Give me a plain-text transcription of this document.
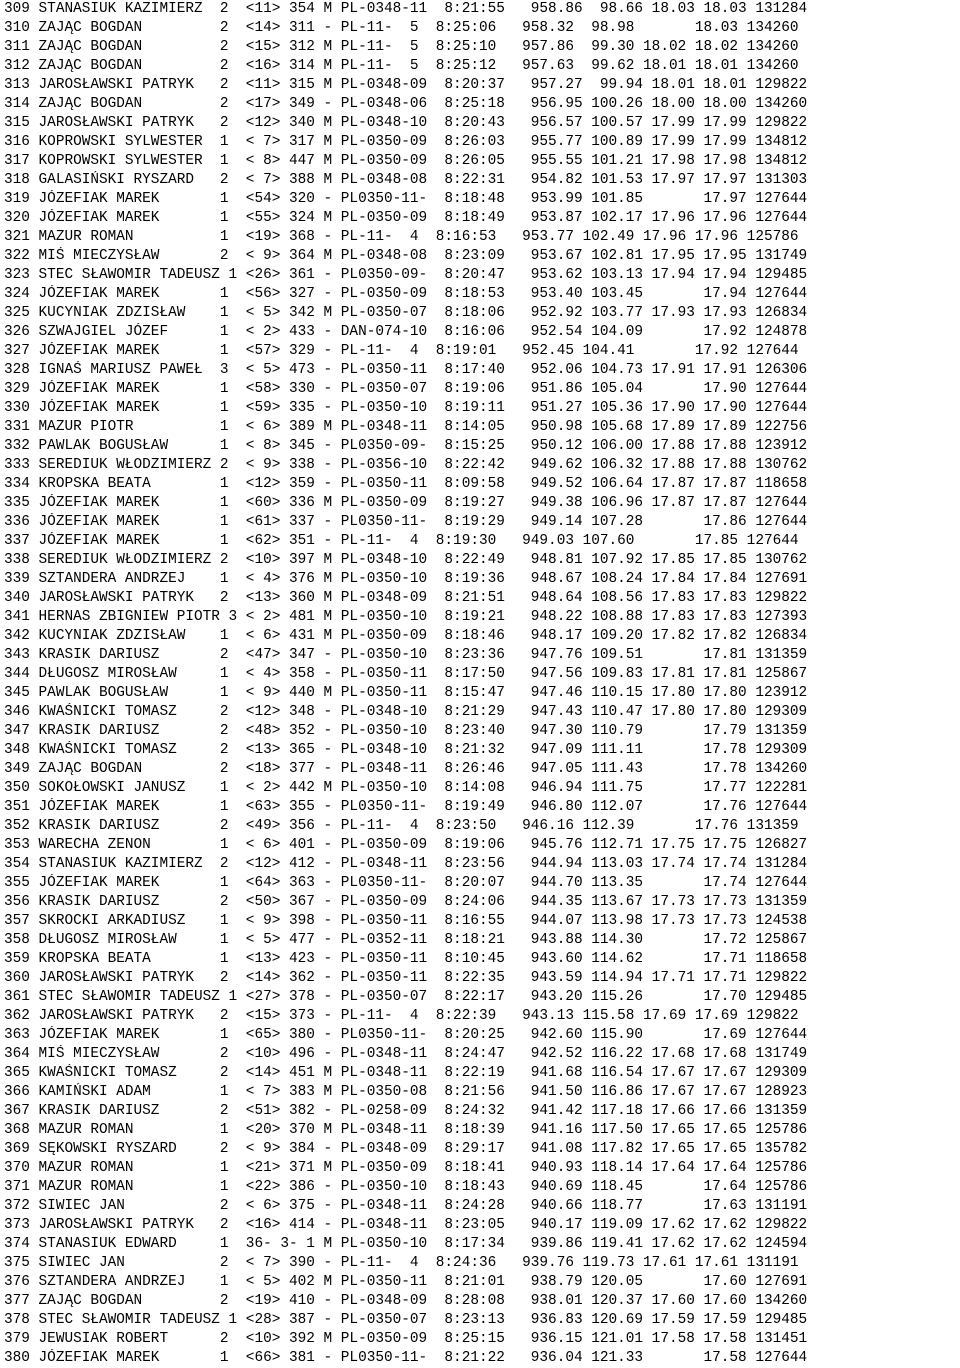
309 STANASIUK KAZIMIERZ  2  <11> 354 M PL-0348-11  8:21:55   958.86  98.66 18.03 18.03 131284
310 ZAJĄC BOGDAN         2  <14> 311 - PL-11-  5  8:25:06   958.32  98.98       18.03 134260
311 ZAJĄC BOGDAN         2  <15> 312 M PL-11-  5  8:25:10   957.86  99.30 18.02 18.02 134260
312 ZAJĄC BOGDAN         2  <16> 314 M PL-11-  5  8:25:12   957.63  99.62 18.01 18.01 134260
313 JAROSŁAWSKI PATRYK   2  <11> 315 M PL-0348-09  8:20:37   957.27  99.94 18.01 18.01 129822
314 ZAJĄC BOGDAN         2  <17> 349 - PL-0348-06  8:25:18   956.95 100.26 18.00 18.00 134260
315 JAROSŁAWSKI PATRYK   2  <12> 340 M PL-0348-10  8:20:43   956.57 100.57 17.99 17.99 129822
316 KOPROWSKI SYLWESTER  1  < 7> 317 M PL-0350-09  8:26:03   955.77 100.89 17.99 17.99 134812
317 KOPROWSKI SYLWESTER  1  < 8> 447 M PL-0350-09  8:26:05   955.55 101.21 17.98 17.98 134812
318 GALASIŃSKI RYSZARD   2  < 7> 388 M PL-0348-08  8:22:31   954.82 101.53 17.97 17.97 131303
319 JÓZEFIAK MAREK       1  <54> 320 - PL0350-11-  8:18:48   953.99 101.85       17.97 127644
320 JÓZEFIAK MAREK       1  <55> 324 M PL-0350-09  8:18:49   953.87 102.17 17.96 17.96 127644
321 MAZUR ROMAN          1  <19> 368 - PL-11-  4  8:16:53   953.77 102.49 17.96 17.96 125786
322 MIŚ MIECZYSŁAW       2  < 9> 364 M PL-0348-08  8:23:09   953.67 102.81 17.95 17.95 131749
323 STEC SŁAWOMIR TADEUSZ 1 <26> 361 - PL0350-09-  8:20:47   953.62 103.13 17.94 17.94 129485
324 JÓZEFIAK MAREK       1  <56> 327 - PL-0350-09  8:18:53   953.40 103.45       17.94 127644
325 KUCYNIAK ZDZISŁAW    1  < 5> 342 M PL-0350-07  8:18:06   952.92 103.77 17.93 17.93 126834
326 SZWAJGIEL JÓZEF      1  < 2> 433 - DAN-074-10  8:16:06   952.54 104.09       17.92 124878
327 JÓZEFIAK MAREK       1  <57> 329 - PL-11-  4  8:19:01   952.45 104.41       17.92 127644
328 IGNAŚ MARIUSZ PAWEŁ  3  < 5> 473 - PL-0350-11  8:17:40   952.06 104.73 17.91 17.91 126306
329 JÓZEFIAK MAREK       1  <58> 330 - PL-0350-07  8:19:06   951.86 105.04       17.90 127644
330 JÓZEFIAK MAREK       1  <59> 335 - PL-0350-10  8:19:11   951.27 105.36 17.90 17.90 127644
331 MAZUR PIOTR          1  < 6> 389 M PL-0348-11  8:14:05   950.98 105.68 17.89 17.89 122756
332 PAWLAK BOGUSŁAW      1  < 8> 345 - PL0350-09-  8:15:25   950.12 106.00 17.88 17.88 123912
333 SEREDIUK WŁODZIMIERZ 2  < 9> 338 - PL-0356-10  8:22:42   949.62 106.32 17.88 17.88 130762
334 KROPSKA BEATA        1  <12> 359 - PL-0350-11  8:09:58   949.52 106.64 17.87 17.87 118658
335 JÓZEFIAK MAREK       1  <60> 336 M PL-0350-09  8:19:27   949.38 106.96 17.87 17.87 127644
336 JÓZEFIAK MAREK       1  <61> 337 - PL0350-11-  8:19:29   949.14 107.28       17.86 127644
337 JÓZEFIAK MAREK       1  <62> 351 - PL-11-  4  8:19:30   949.03 107.60       17.85 127644
338 SEREDIUK WŁODZIMIERZ 2  <10> 397 M PL-0348-10  8:22:49   948.81 107.92 17.85 17.85 130762
339 SZTANDERA ANDRZEJ    1  < 4> 376 M PL-0350-10  8:19:36   948.67 108.24 17.84 17.84 127691
340 JAROSŁAWSKI PATRYK   2  <13> 360 M PL-0348-09  8:21:51   948.64 108.56 17.83 17.83 129822
341 HERNAS ZBIGNIEW PIOTR 3 < 2> 481 M PL-0350-10  8:19:21   948.22 108.88 17.83 17.83 127393
342 KUCYNIAK ZDZISŁAW    1  < 6> 431 M PL-0350-09  8:18:46   948.17 109.20 17.82 17.82 126834
343 KRASIK DARIUSZ       2  <47> 347 - PL-0350-10  8:23:36   947.76 109.51       17.81 131359
344 DŁUGOSZ MIROSŁAW     1  < 4> 358 - PL-0350-11  8:17:50   947.56 109.83 17.81 17.81 125867
345 PAWLAK BOGUSŁAW      1  < 9> 440 M PL-0350-11  8:15:47   947.46 110.15 17.80 17.80 123912
346 KWAŚNICKI TOMASZ     2  <12> 348 - PL-0348-10  8:21:29   947.43 110.47 17.80 17.80 129309
347 KRASIK DARIUSZ       2  <48> 352 - PL-0350-10  8:23:40   947.30 110.79       17.79 131359
348 KWAŚNICKI TOMASZ     2  <13> 365 - PL-0348-10  8:21:32   947.09 111.11       17.78 129309
349 ZAJĄC BOGDAN         2  <18> 377 - PL-0348-11  8:26:46   947.05 111.43       17.78 134260
350 SOKOŁOWSKI JANUSZ    1  < 2> 442 M PL-0350-10  8:14:08   946.94 111.75       17.77 122281
351 JÓZEFIAK MAREK       1  <63> 355 - PL0350-11-  8:19:49   946.80 112.07       17.76 127644
352 KRASIK DARIUSZ       2  <49> 356 - PL-11-  4  8:23:50   946.16 112.39       17.76 131359
353 WARECHA ZENON        1  < 6> 401 - PL-0350-09  8:19:06   945.76 112.71 17.75 17.75 126827
354 STANASIUK KAZIMIERZ  2  <12> 412 - PL-0348-11  8:23:56   944.94 113.03 17.74 17.74 131284
355 JÓZEFIAK MAREK       1  <64> 363 - PL0350-11-  8:20:07   944.70 113.35       17.74 127644
356 KRASIK DARIUSZ       2  <50> 367 - PL-0350-09  8:24:06   944.35 113.67 17.73 17.73 131359
357 SKROCKI ARKADIUSZ    1  < 9> 398 - PL-0350-11  8:16:55   944.07 113.98 17.73 17.73 124538
358 DŁUGOSZ MIROSŁAW     1  < 5> 477 - PL-0352-11  8:18:21   943.88 114.30       17.72 125867
359 KROPSKA BEATA        1  <13> 423 - PL-0350-11  8:10:45   943.60 114.62       17.71 118658
360 JAROSŁAWSKI PATRYK   2  <14> 362 - PL-0350-11  8:22:35   943.59 114.94 17.71 17.71 129822
361 STEC SŁAWOMIR TADEUSZ 1 <27> 378 - PL-0350-07  8:22:17   943.20 115.26       17.70 129485
362 JAROSŁAWSKI PATRYK   2  <15> 373 - PL-11-  4  8:22:39   943.13 115.58 17.69 17.69 129822
363 JÓZEFIAK MAREK       1  <65> 380 - PL0350-11-  8:20:25   942.60 115.90       17.69 127644
364 MIŚ MIECZYSŁAW       2  <10> 496 - PL-0348-11  8:24:47   942.52 116.22 17.68 17.68 131749
365 KWAŚNICKI TOMASZ     2  <14> 451 M PL-0348-11  8:22:19   941.68 116.54 17.67 17.67 129309
366 KAMIŃSKI ADAM        1  < 7> 383 M PL-0350-08  8:21:56   941.50 116.86 17.67 17.67 128923
367 KRASIK DARIUSZ       2  <51> 382 - PL-0258-09  8:24:32   941.42 117.18 17.66 17.66 131359
368 MAZUR ROMAN          1  <20> 370 M PL-0348-11  8:18:39   941.16 117.50 17.65 17.65 125786
369 SĘKOWSKI RYSZARD     2  < 9> 384 - PL-0348-09  8:29:17   941.08 117.82 17.65 17.65 135782
370 MAZUR ROMAN          1  <21> 371 M PL-0350-09  8:18:41   940.93 118.14 17.64 17.64 125786
371 MAZUR ROMAN          1  <22> 386 - PL-0350-10  8:18:43   940.69 118.45       17.64 125786
372 SIWIEC JAN           2  < 6> 375 - PL-0348-11  8:24:28   940.66 118.77       17.63 131191
373 JAROSŁAWSKI PATRYK   2  <16> 414 - PL-0348-11  8:23:05   940.17 119.09 17.62 17.62 129822
374 STANASIUK EDWARD     1  36- 3- 1 M PL-0350-10  8:17:34   939.86 119.41 17.62 17.62 124594
375 SIWIEC JAN           2  < 7> 390 - PL-11-  4  8:24:36   939.76 119.73 17.61 17.61 131191
376 SZTANDERA ANDRZEJ    1  < 5> 402 M PL-0350-11  8:21:01   938.79 120.05       17.60 127691
377 ZAJĄC BOGDAN         2  <19> 410 - PL-0348-09  8:28:08   938.01 120.37 17.60 17.60 134260
378 STEC SŁAWOMIR TADEUSZ 1 <28> 387 - PL-0350-07  8:23:13   936.83 120.69 17.59 17.59 129485
379 JEWUSIAK ROBERT      2  <10> 392 M PL-0350-09  8:25:15   936.15 121.01 17.58 17.58 131451
380 JÓZEFIAK MAREK       1  <66> 381 - PL0350-11-  8:21:22   936.04 121.33       17.58 127644
